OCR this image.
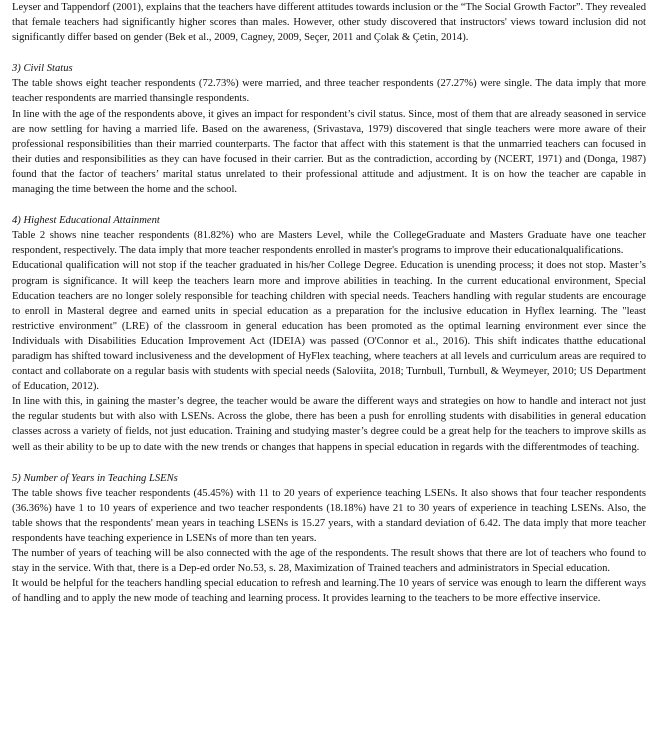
Leyser and Tappendorf (2001), explains that the teachers have different attitudes towards inclusion or the “The Social Growth Factor”. They revealed that female teachers had significantly higher scores than males. However, other study discovered that instructors' views toward inclusion did not significantly differ based on gender (Bek et al., 2009, Cagney, 2009, Seçer, 2011 and Çolak & Çetin, 2014).

3) Civil Status

The table shows eight teacher respondents (72.73%) were married, and three teacher respondents (27.27%) were single. The data imply that more teacher respondents are married thansingle respondents.

In line with the age of the respondents above, it gives an impact for respondent’s civil status. Since, most of them that are already seasoned in service are now settling for having a married life. Based on the awareness, (Srivastava, 1979) discovered that single teachers were more aware of their professional responsibilities than their married counterparts. The factor that affect with this statement is that the unmarried teachers can focused in their duties and responsibilities as they can have focused in their carrier. But as the contradiction, according by (NCERT, 1971) and (Donga, 1987) found that the factor of teachers’ marital status unrelated to their professional attitude and adjustment. It is on how the teacher are capable in managing the time between the home and the school.

4) Highest Educational Attainment

Table 2 shows nine teacher respondents (81.82%) who are Masters Level, while the CollegeGraduate and Masters Graduate have one teacher respondent, respectively. The data imply that more teacher respondents enrolled in master's programs to improve their educationalqualifications.

Educational qualification will not stop if the teacher graduated in his/her College Degree. Education is unending process; it does not stop. Master’s program is significance. It will keep the teachers learn more and improve abilities in teaching. In the current educational environment, Special Education teachers are no longer solely responsible for teaching children with special needs. Teachers handling with regular students are encourage to enroll in Masteral degree and earned units in special education as a preparation for the inclusive education in Hyflex learning. The "least restrictive environment" (LRE) of the classroom in general education has been promoted as the optimal learning environment ever since the Individuals with Disabilities Education Improvement Act (IDEIA) was passed (O'Connor et al., 2016). This shift indicates thatthe educational paradigm has shifted toward inclusiveness and the development of HyFlex teaching, where teachers at all levels and curriculum areas are required to contact and collaborate on a regular basis with students with special needs (Saloviita, 2018; Turnbull, Turnbull, & Weymeyer, 2010; US Department of Education, 2012).

In line with this, in gaining the master’s degree, the teacher would be aware the different ways and strategies on how to handle and interact not just the regular students but with also with LSENs. Across the globe, there has been a push for enrolling students with disabilities in general education classes across a variety of fields, not just education. Training and studying master’s degree could be a great help for the teachers to improve skills as well as their ability to be up to date with the new trends or changes that happens in special education in regards with the differentmodes of teaching.

5) Number of Years in Teaching LSENs

The table shows five teacher respondents (45.45%) with 11 to 20 years of experience teaching LSENs. It also shows that four teacher respondents (36.36%) have 1 to 10 years of experience and two teacher respondents (18.18%) have 21 to 30 years of experience in teaching LSENs. Also, the table shows that the respondents' mean years in teaching LSENs is 15.27 years, with a standard deviation of 6.42. The data imply that more teacher respondents have teaching experience in LSENs of more than ten years.

The number of years of teaching will be also connected with the age of the respondents. The result shows that there are lot of teachers who found to stay in the service. With that, there is a Dep-ed order No.53, s. 28, Maximization of Trained teachers and administrators in Special education.

It would be helpful for the teachers handling special education to refresh and learning.The 10 years of service was enough to learn the different ways of handling and to apply the new mode of teaching and learning process. It provides learning to the teachers to be more effective inservice.
